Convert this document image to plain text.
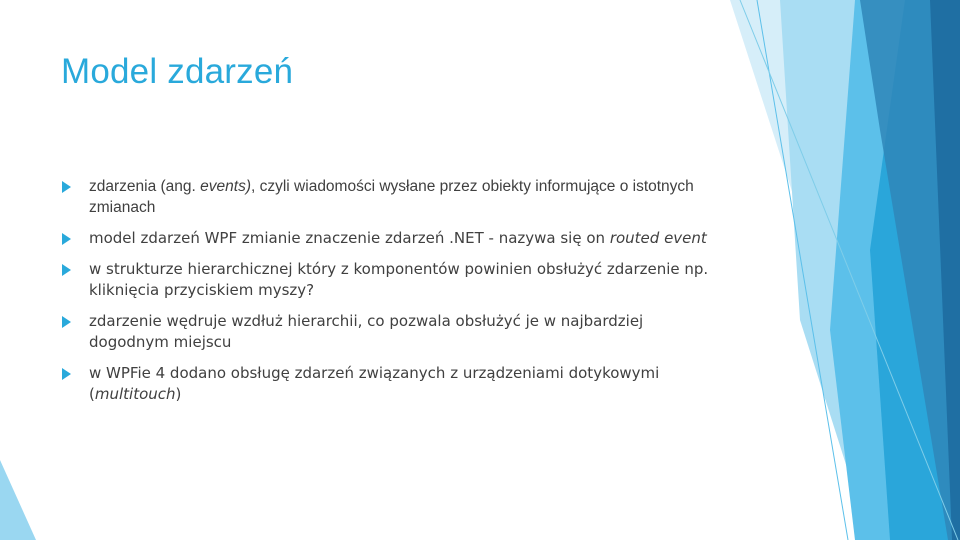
Model zdarzeń
zdarzenia (ang. events), czyli wiadomości wysłane przez obiekty informujące o istotnych zmianach
model zdarzeń WPF zmianie znaczenie zdarzeń .NET - nazywa się on routed event
w strukturze hierarchicznej który z komponentów powinien obsłużyć zdarzenie np. kliknięcia przyciskiem myszy?
zdarzenie wędruje wzdłuż hierarchii, co pozwala obsłużyć je w najbardziej dogodnym miejscu
w WPFie 4 dodano obsługę zdarzeń związanych z urządzeniami dotykowymi (multitouch)
